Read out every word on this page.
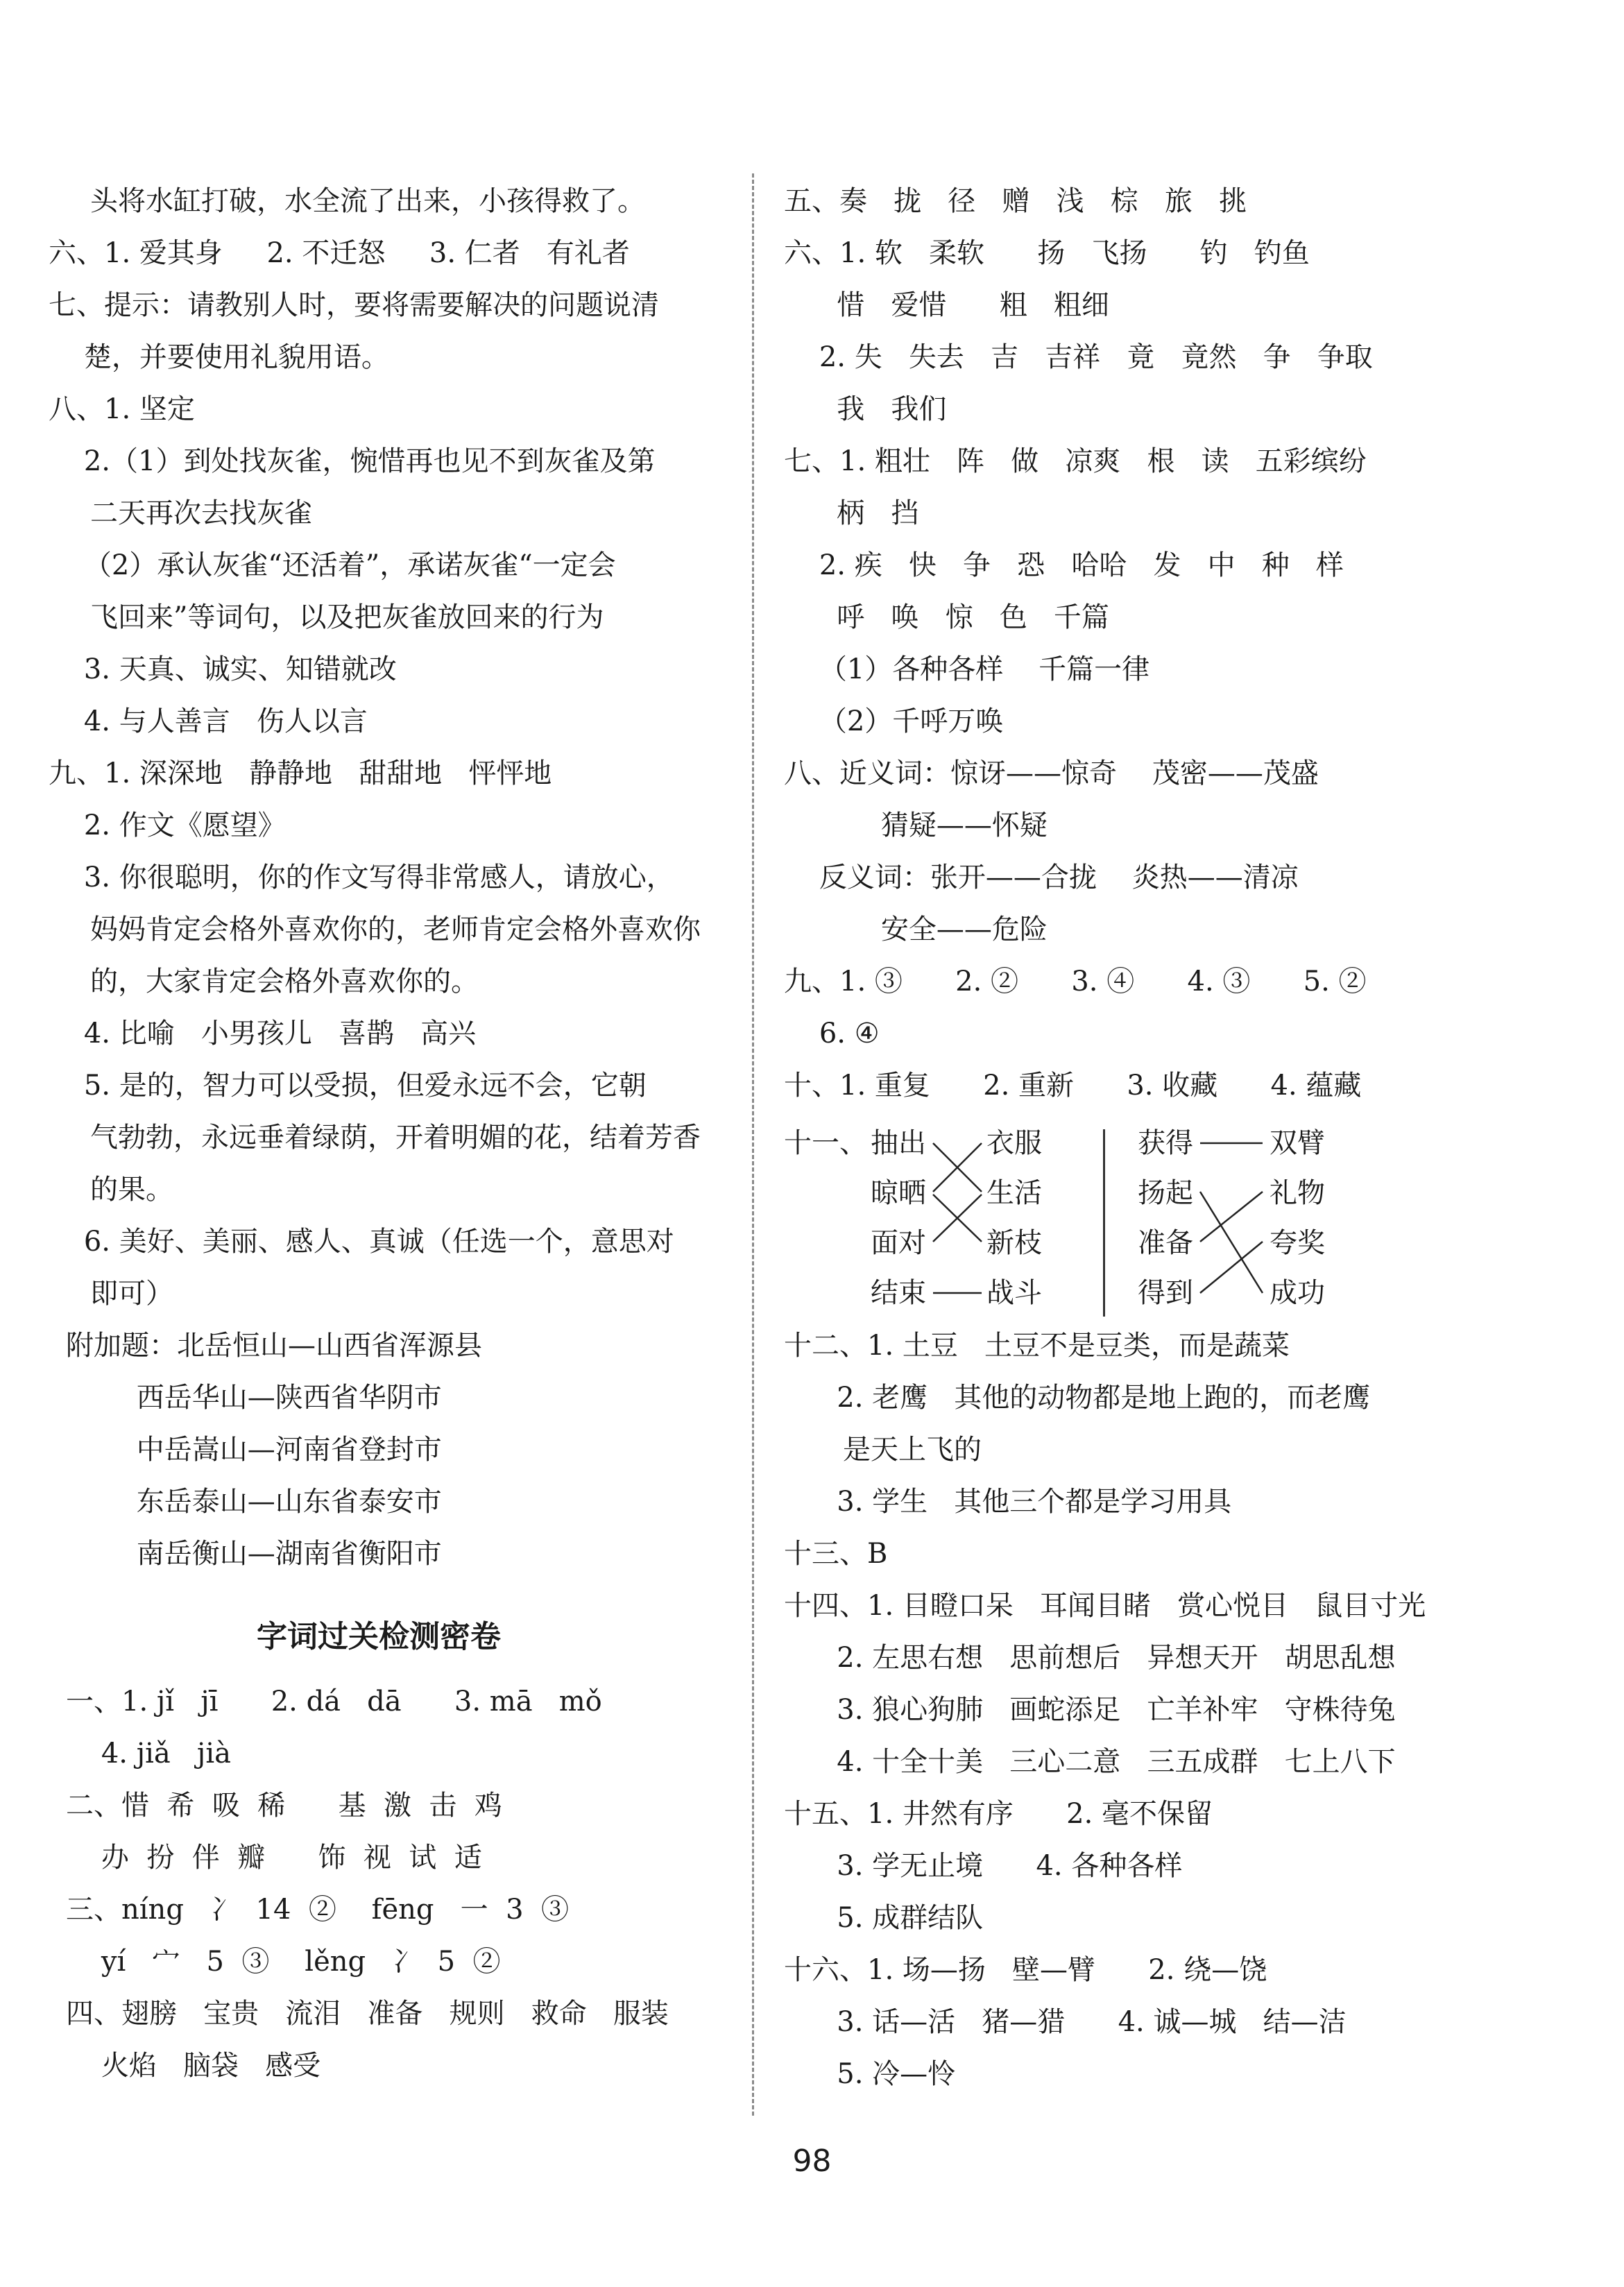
头将水缸打破，水全流了出来，小孩得救了。
六、1. 爱其身     2. 不迁怒     3. 仁者   有礼者
七、提示：请教别人时，要将需要解决的问题说清
楚，并要使用礼貌用语。
八、1. 坚定
2.（1）到处找灰雀，惋惜再也见不到灰雀及第
二天再次去找灰雀
（2）承认灰雀“还活着”，承诺灰雀“一定会
飞回来”等词句，以及把灰雀放回来的行为
3. 天真、诚实、知错就改
4. 与人善言   伤人以言
九、1. 深深地   静静地   甜甜地   怦怦地
2. 作文《愿望》
3. 你很聪明，你的作文写得非常感人，请放心，
妈妈肯定会格外喜欢你的，老师肯定会格外喜欢你
的，大家肯定会格外喜欢你的。
4. 比喻   小男孩儿   喜鹊   高兴
5. 是的，智力可以受损，但爱永远不会，它朝
气勃勃，永远垂着绿荫，开着明媚的花，结着芳香
的果。
6. 美好、美丽、感人、真诚（任选一个，意思对
即可）
附加题：北岳恒山—山西省浑源县
西岳华山—陕西省华阴市
中岳嵩山—河南省登封市
东岳泰山—山东省泰安市
南岳衡山—湖南省衡阳市
字词过关检测密卷
一、1. jǐ   jī      2. dá   dā      3. mā   mǒ
4. jiǎ   jià
二、惜  希  吸  稀      基  激  击  鸡
办  扮  伴  瓣      饰  视  试  适
三、níng   冫  14  ②    fēng   一  3  ③
yí   宀   5  ③    lěng   冫  5  ②
四、翅膀   宝贵   流泪   准备   规则   救命   服装
火焰   脑袋   感受
五、奏   拢   径   赠   浅   棕   旅   挑
六、1. 软   柔软      扬   飞扬      钓   钓鱼
惜   爱惜      粗   粗细
2. 失   失去   吉   吉祥   竟   竟然   争   争取
我   我们
七、1. 粗壮   阵   做   凉爽   根   读   五彩缤纷
柄   挡
2. 疾   快   争   恐   哈哈   发   中   种   样
呼   唤   惊   色   千篇
（1）各种各样    千篇一律
（2）千呼万唤
八、近义词：惊讶——惊奇    茂密——茂盛
猜疑——怀疑
反义词：张开——合拢    炎热——清凉
安全——危险
九、1. ③      2. ②      3. ④      4. ③      5. ②
6. ④
十、1. 重复      2. 重新      3. 收藏      4. 蕴藏
十一、 抽出
晾晒
面对
结束
衣服
生活
新枝
战斗
获得
扬起
准备
得到
双臂
礼物
夸奖
成功
十二、1. 土豆   土豆不是豆类，而是蔬菜
2. 老鹰   其他的动物都是地上跑的，而老鹰
是天上飞的
3. 学生   其他三个都是学习用具
十三、B
十四、1. 目瞪口呆   耳闻目睹   赏心悦目   鼠目寸光
2. 左思右想   思前想后   异想天开   胡思乱想
3. 狼心狗肺   画蛇添足   亡羊补牢   守株待兔
4. 十全十美   三心二意   三五成群   七上八下
十五、1. 井然有序      2. 毫不保留
3. 学无止境      4. 各种各样
5. 成群结队
十六、1. 场—扬   壁—臂      2. 绕—饶
3. 话—活   猪—猎      4. 诚—城   结—洁
5. 冷—怜
98
